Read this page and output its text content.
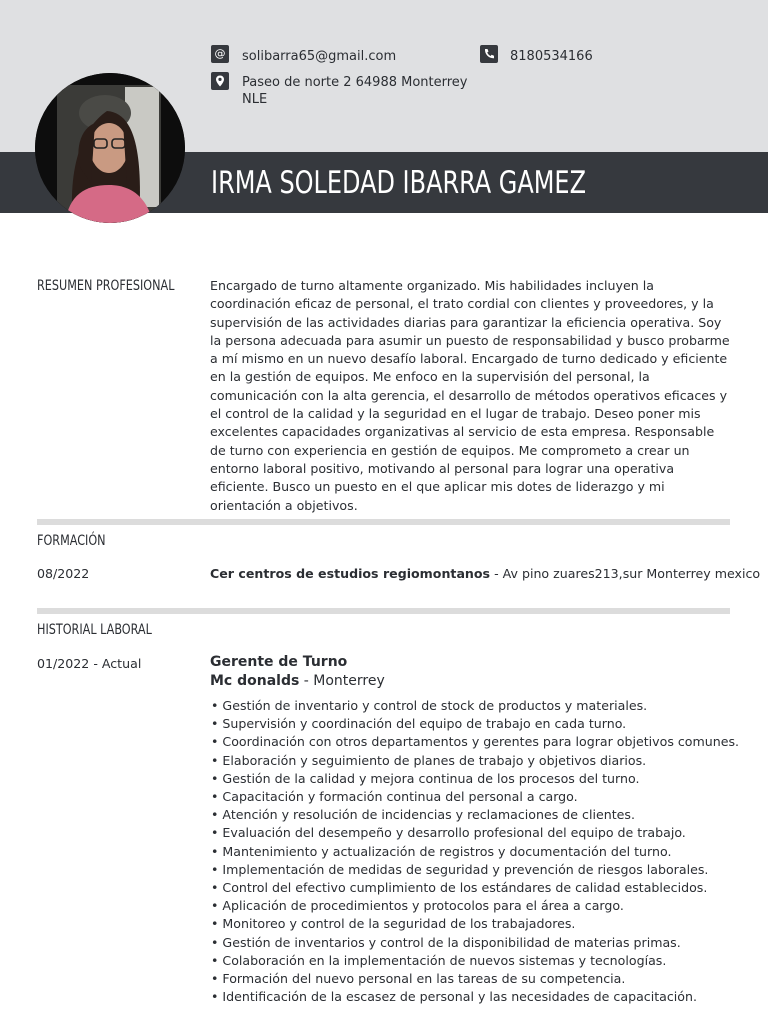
@ solibarra65@gmail.com	8180534166
Paseo de norte 2 64988 Monterrey NLE
IRMA SOLEDAD IBARRA GAMEZ
RESUMEN PROFESIONAL	Encargado de turno altamente organizado. Mis habilidades incluyen la coordinación eficaz de personal, el trato cordial con clientes y proveedores, y la supervisión de las actividades diarias para garantizar la eficiencia operativa. Soy la persona adecuada para asumir un puesto de responsabilidad y busco probarme a mí mismo en un nuevo desafío laboral. Encargado de turno dedicado y eficiente en la gestión de equipos. Me enfoco en la supervisión del personal, la comunicación con la alta gerencia, el desarrollo de métodos operativos eficaces y el control de la calidad y la seguridad en el lugar de trabajo. Deseo poner mis excelentes capacidades organizativas al servicio de esta empresa. Responsable de turno con experiencia en gestión de equipos. Me comprometo a crear un entorno laboral positivo, motivando al personal para lograr una operativa eficiente. Busco un puesto en el que aplicar mis dotes de liderazgo y mi orientación a objetivos.
FORMACIÓN
08/2022	Cer centros de estudios regiomontanos - Av pino zuares213,sur Monterrey mexico
HISTORIAL LABORAL
01/2022 - Actual	Gerente de Turno
Mc donalds - Monterrey
• Gestión de inventario y control de stock de productos y materiales.
• Supervisión y coordinación del equipo de trabajo en cada turno.
• Coordinación con otros departamentos y gerentes para lograr objetivos comunes.
• Elaboración y seguimiento de planes de trabajo y objetivos diarios.
• Gestión de la calidad y mejora continua de los procesos del turno.
• Capacitación y formación continua del personal a cargo.
• Atención y resolución de incidencias y reclamaciones de clientes.
• Evaluación del desempeño y desarrollo profesional del equipo de trabajo.
• Mantenimiento y actualización de registros y documentación del turno.
• Implementación de medidas de seguridad y prevención de riesgos laborales.
• Control del efectivo cumplimiento de los estándares de calidad establecidos.
• Aplicación de procedimientos y protocolos para el área a cargo.
• Monitoreo y control de la seguridad de los trabajadores.
• Gestión de inventarios y control de la disponibilidad de materias primas.
• Colaboración en la implementación de nuevos sistemas y tecnologías.
• Formación del nuevo personal en las tareas de su competencia.
• Identificación de la escasez de personal y las necesidades de capacitación.
